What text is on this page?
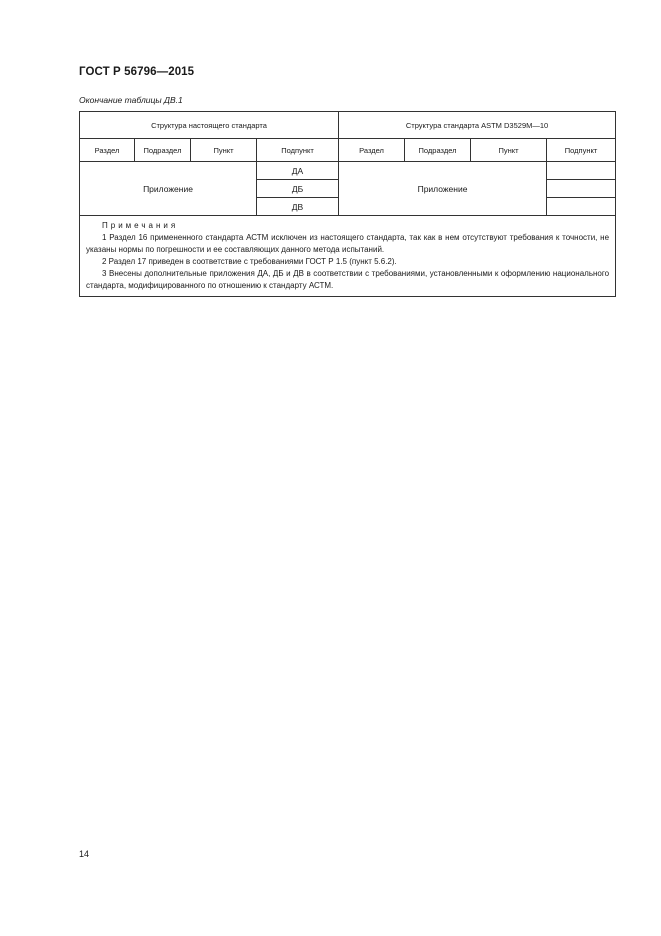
ГОСТ Р 56796—2015
Окончание таблицы ДВ.1
Структура настоящего стандарта				Структура стандарта ASTM D3529M—10			
Раздел	Подраздел	Пункт	Подпункт	Раздел	Подраздел	Пункт	Подпункт
Приложение			ДА	Приложение			
			ДБ				
			ДВ				

Примечания
1 Раздел 16 примененного стандарта АСТМ исключен из настоящего стандарта, так как в нем отсутствуют требования к точности, не указаны нормы по погрешности и ее составляющих данного метода испытаний.
2 Раздел 17 приведен в соответствие с требованиями ГОСТ Р 1.5 (пункт 5.6.2).
3 Внесены дополнительные приложения ДА, ДБ и ДВ в соответствии с требованиями, установленными к оформлению национального стандарта, модифицированного по отношению к стандарту АСТМ.							
14
